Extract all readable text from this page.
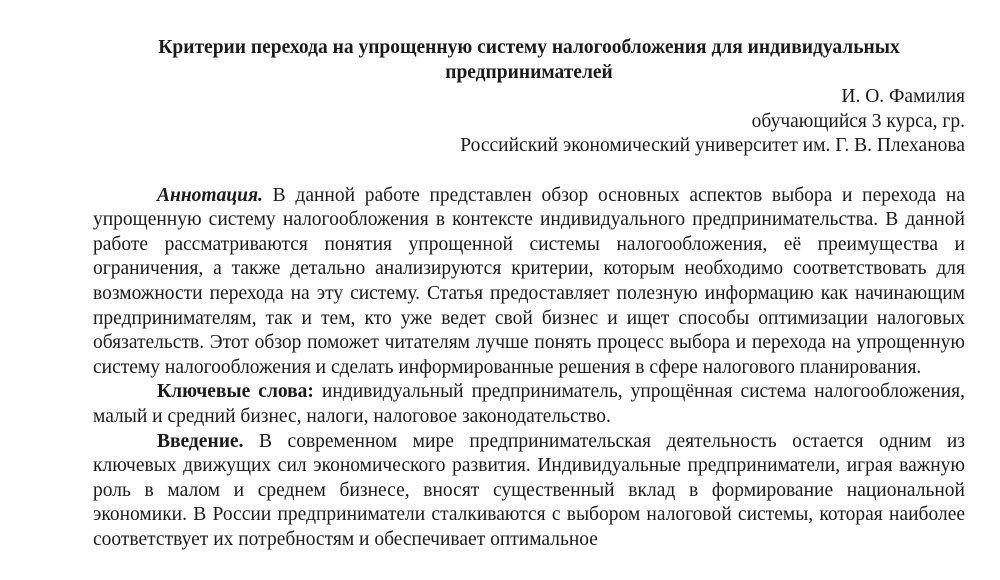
Критерии перехода на упрощенную систему налогообложения для индивидуальных предпринимателей

И. О. Фамилия
обучающийся 3 курса, гр.
Российский экономический университет им. Г. В. Плеханова

Аннотация. В данной работе представлен обзор основных аспектов выбора и перехода на упрощенную систему налогообложения в контексте индивидуального предпринимательства. В данной работе рассматриваются понятия упрощенной системы налогообложения, её преимущества и ограничения, а также детально анализируются критерии, которым необходимо соответствовать для возможности перехода на эту систему. Статья предоставляет полезную информацию как начинающим предпринимателям, так и тем, кто уже ведет свой бизнес и ищет способы оптимизации налоговых обязательств. Этот обзор поможет читателям лучше понять процесс выбора и перехода на упрощенную систему налогообложения и сделать информированные решения в сфере налогового планирования.

Ключевые слова: индивидуальный предприниматель, упрощённая система налогообложения, малый и средний бизнес, налоги, налоговое законодательство.

Введение. В современном мире предпринимательская деятельность остается одним из ключевых движущих сил экономического развития. Индивидуальные предприниматели, играя важную роль в малом и среднем бизнесе, вносят существенный вклад в формирование национальной экономики. В России предприниматели сталкиваются с выбором налоговой системы, которая наиболее соответствует их потребностям и обеспечивает оптимальное
